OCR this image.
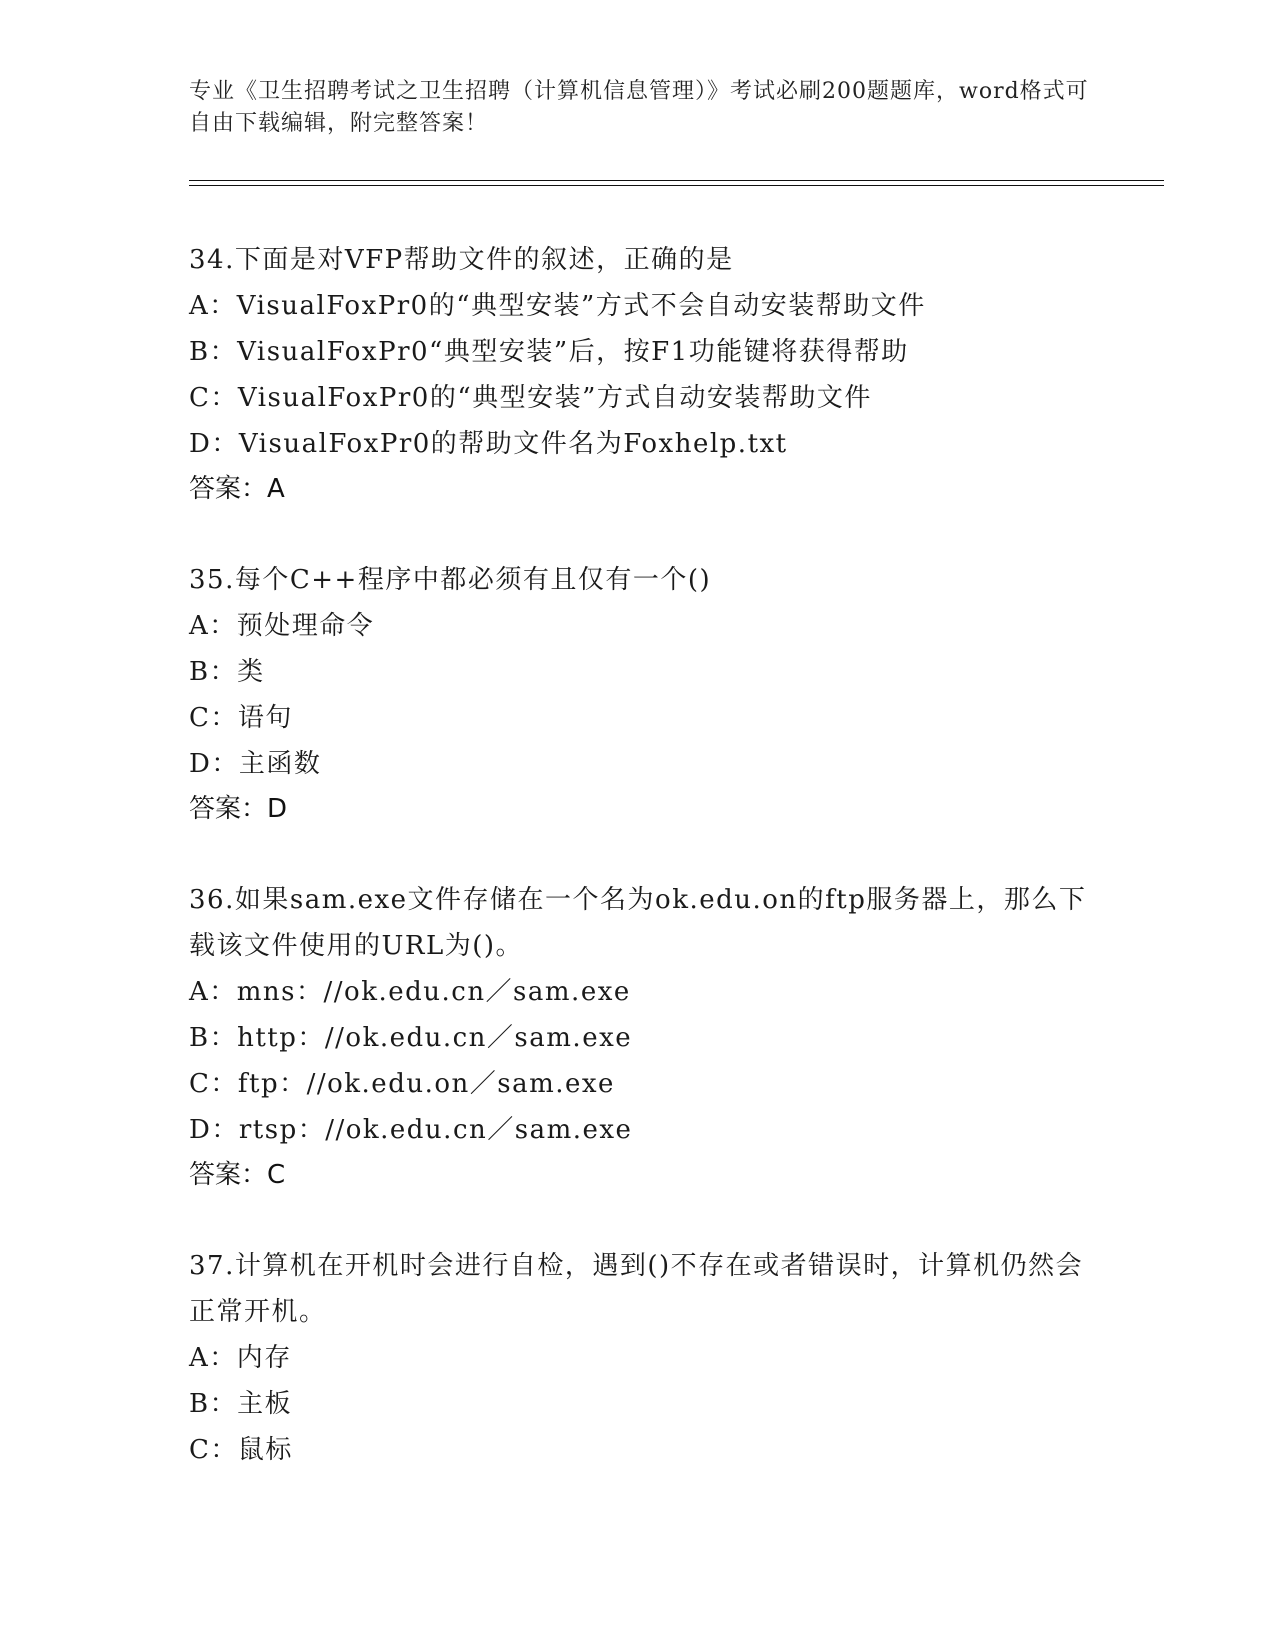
专业《卫生招聘考试之卫生招聘（计算机信息管理）》考试必刷200题题库，word格式可自由下载编辑，附完整答案！
34.下面是对VFP帮助文件的叙述，正确的是
A：VisualFoxPr0的“典型安装”方式不会自动安装帮助文件
B：VisualFoxPr0“典型安装”后，按F1功能键将获得帮助
C：VisualFoxPr0的“典型安装”方式自动安装帮助文件
D：VisualFoxPr0的帮助文件名为Foxhelp.txt
答案：A
35.每个C++程序中都必须有且仅有一个()
A：预处理命令
B：类
C：语句
D：主函数
答案：D
36.如果sam.exe文件存储在一个名为ok.edu.on的ftp服务器上，那么下载该文件使用的URL为()。
A：mns：//ok.edu.cn／sam.exe
B：http：//ok.edu.cn／sam.exe
C：ftp：//ok.edu.on／sam.exe
D：rtsp：//ok.edu.cn／sam.exe
答案：C
37.计算机在开机时会进行自检，遇到()不存在或者错误时，计算机仍然会正常开机。
A：内存
B：主板
C：鼠标
